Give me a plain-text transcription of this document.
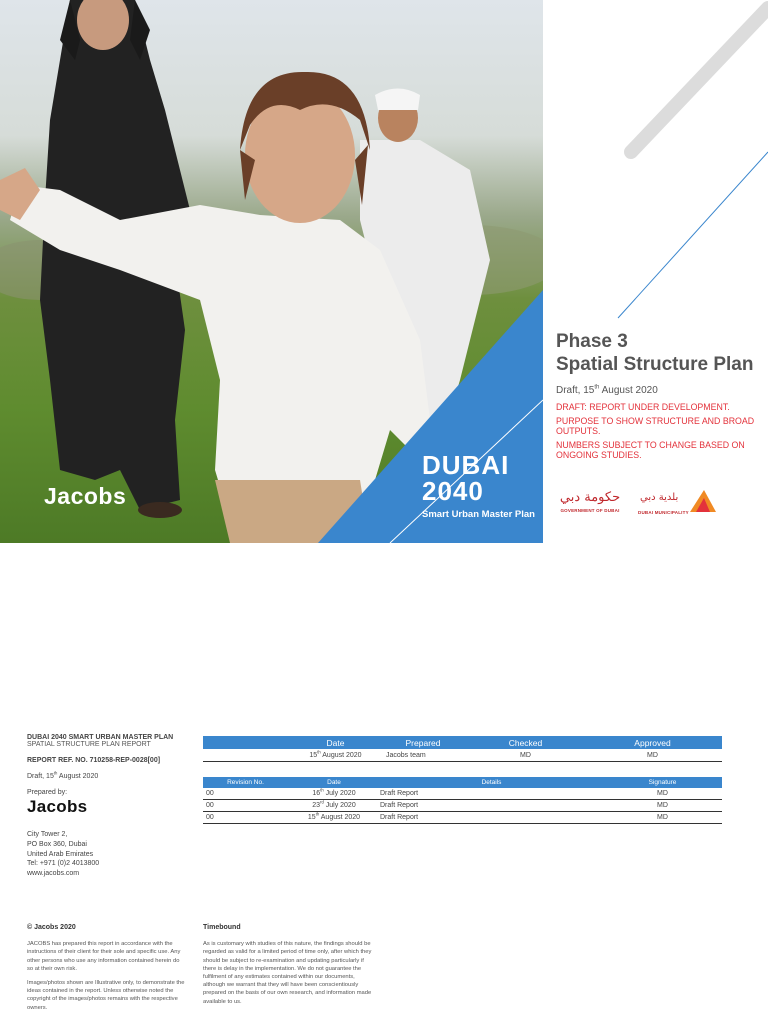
Jacobs
DUBAI
2040
Smart Urban Master Plan
Phase 3
Spatial Structure Plan
Draft, 15th August 2020
DRAFT: REPORT UNDER DEVELOPMENT.
PURPOSE TO SHOW STRUCTURE AND BROAD OUTPUTS.
NUMBERS SUBJECT TO CHANGE BASED ON ONGOING STUDIES.
حكومة دبي
GOVERNMENT OF DUBAI
بلدية دبي
DUBAI MUNICIPALITY
DUBAI 2040 SMART URBAN MASTER PLAN
SPATIAL STRUCTURE PLAN REPORT
REPORT REF. NO. 710258-REP-0028[00]
Draft, 15th August 2020
Prepared by:
Jacobs
City Tower 2,
PO Box 360, Dubai
United Arab Emirates
Tel: +971 (0)2 4013800
www.jacobs.com
	Date	Prepared	Checked	Approved
	15th August 2020	Jacobs team	MD	MD
Revision No.	Date	Details	Signature
00	16th July 2020	Draft Report	MD
00	23rd July 2020	Draft Report	MD
00	15th August 2020	Draft Report	MD
© Jacobs 2020

JACOBS has prepared this report in accordance with the instructions of their client for their sole and specific use. Any other persons who use any information contained herein do so at their own risk.

Images/photos shown are Illustrative only, to demonstrate the ideas contained in the report. Unless otherwise noted the copyright of the images/photos remains with the respective owners.

Timebound

As is customary with studies of this nature, the findings should be regarded as valid for a limited period of time only, after which they should be subject to re-examination and updating particularly if there is delay in the implementation. We do not guarantee the fulfilment of any estimates contained within our documents, although we warrant that they will have been conscientiously prepared on the basis of our own research, and information made available to us.
